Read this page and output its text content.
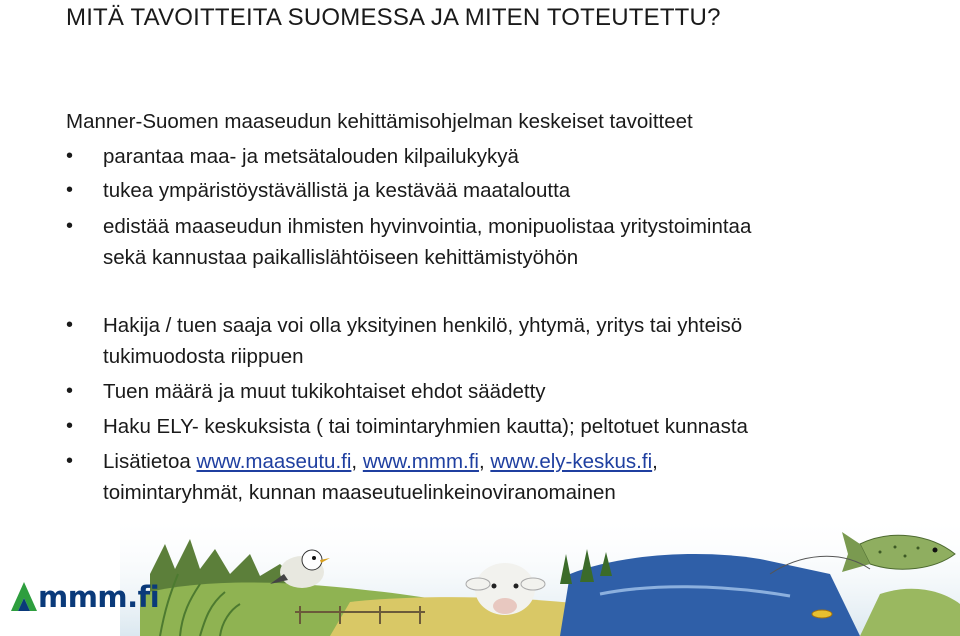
MITÄ TAVOITTEITA SUOMESSA JA MITEN TOTEUTETTU?
Manner-Suomen maaseudun kehittämisohjelman keskeiset tavoitteet
•	parantaa maa- ja metsätalouden kilpailukykyä
•	tukea ympäristöystävällistä ja kestävää maataloutta
•	edistää maaseudun ihmisten hyvinvointia, monipuolistaa yritystoimintaa
sekä kannustaa paikallislähtöiseen kehittämistyöhön
•	Hakija / tuen saaja voi olla yksityinen henkilö, yhtymä, yritys tai yhteisö
tukimuodosta riippuen
•	Tuen määrä ja muut tukikohtaiset ehdot säädetty
•	Haku ELY- keskuksista ( tai toimintaryhmien kautta); peltotuet kunnasta
•	Lisätietoa www.maaseutu.fi, www.mmm.fi, www.ely-keskus.fi,
toimintaryhmät, kunnan maaseutuelinkeinoviranomainen
mmm.fi
